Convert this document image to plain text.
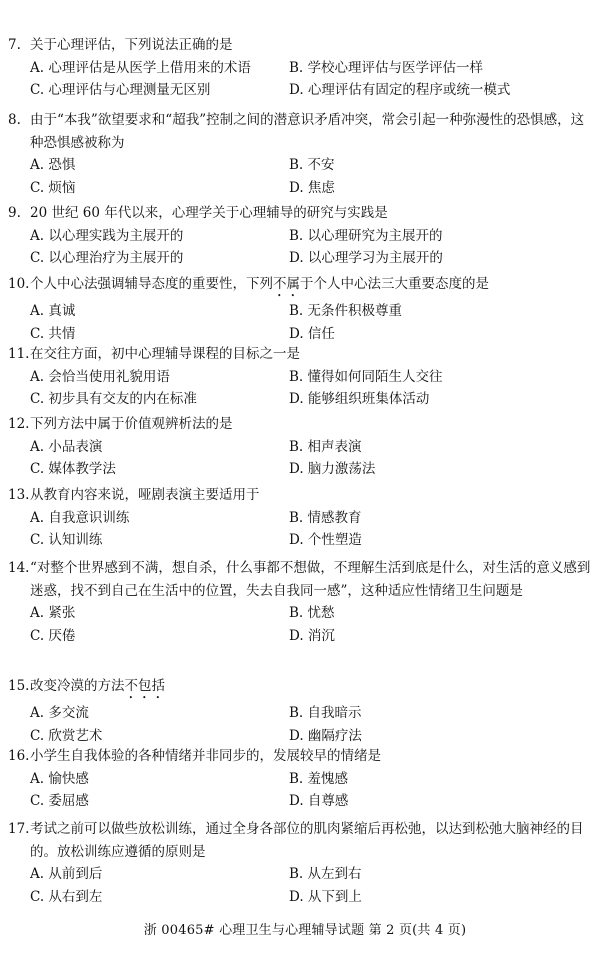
7. 关于心理评估，下列说法正确的是
A. 心理评估是从医学上借用来的术语	B. 学校心理评估与医学评估一样
C. 心理评估与心理测量无区别	D. 心理评估有固定的程序或统一模式
8. 由于“本我”欲望要求和“超我”控制之间的潜意识矛盾冲突，常会引起一种弥漫性的恐惧感，这种恐惧感被称为
A. 恐惧	B. 不安
C. 烦恼	D. 焦虑
9. 20 世纪 60 年代以来，心理学关于心理辅导的研究与实践是
A. 以心理实践为主展开的	B. 以心理研究为主展开的
C. 以心理治疗为主展开的	D. 以心理学习为主展开的
10. 个人中心法强调辅导态度的重要性，下列不属于个人中心法三大重要态度的是
A. 真诚	B. 无条件积极尊重
C. 共情	D. 信任
11. 在交往方面，初中心理辅导课程的目标之一是
A. 会恰当使用礼貌用语	B. 懂得如何同陌生人交往
C. 初步具有交友的内在标准	D. 能够组织班集体活动
12. 下列方法中属于价值观辨析法的是
A. 小品表演	B. 相声表演
C. 媒体教学法	D. 脑力激荡法
13. 从教育内容来说，哑剧表演主要适用于
A. 自我意识训练	B. 情感教育
C. 认知训练	D. 个性塑造
14. “对整个世界感到不满，想自杀，什么事都不想做，不理解生活到底是什么，对生活的意义感到迷惑，找不到自己在生活中的位置，失去自我同一感”，这种适应性情绪卫生问题是
A. 紧张	B. 忧愁
C. 厌倦	D. 消沉
15. 改变冷漠的方法不包括
A. 多交流	B. 自我暗示
C. 欣赏艺术	D. 幽隔疗法
16. 小学生自我体验的各种情绪并非同步的，发展较早的情绪是
A. 愉快感	B. 羞愧感
C. 委屈感	D. 自尊感
17. 考试之前可以做些放松训练，通过全身各部位的肌肉紧缩后再松弛，以达到松弛大脑神经的目的。放松训练应遵循的原则是
A. 从前到后	B. 从左到右
C. 从右到左	D. 从下到上
浙 00465# 心理卫生与心理辅导试题 第 2 页(共 4 页)
